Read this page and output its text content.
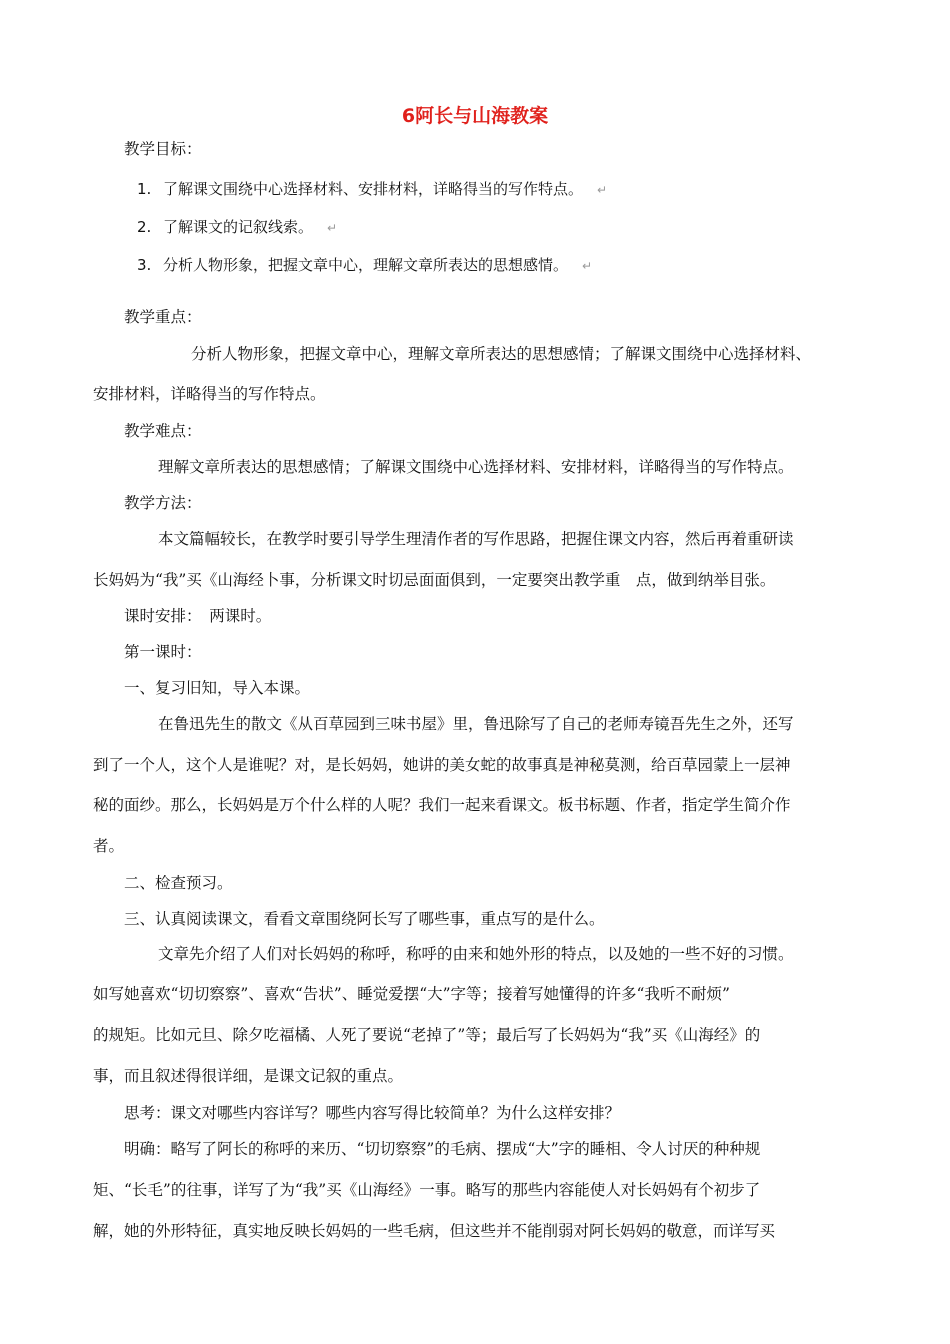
6阿长与山海教案
教学目标：
1. 了解课文围绕中心选择材料、安排材料，详略得当的写作特点。 ↵
2. 了解课文的记叙线索。 ↵
3. 分析人物形象，把握文章中心，理解文章所表达的思想感情。 ↵
教学重点：
分析人物形象，把握文章中心，理解文章所表达的思想感情；了解课文围绕中心选择材料、
安排材料，详略得当的写作特点。
教学难点：
理解文章所表达的思想感情；了解课文围绕中心选择材料、安排材料，详略得当的写作特点。
教学方法：
本文篇幅较长，在教学时要引导学生理清作者的写作思路，把握住课文内容，然后再着重研读
长妈妈为“我”买《山海经卜事，分析课文时切忌面面俱到，一定要突出教学重　点，做到纳举目张。
课时安排：　两课时。
第一课时：
一、复习旧知，导入本课。
在鲁迅先生的散文《从百草园到三味书屋》里，鲁迅除写了自己的老师寿镜吾先生之外，还写
到了一个人，这个人是谁呢？对，是长妈妈，她讲的美女蛇的故事真是神秘莫测，给百草园蒙上一层神
秘的面纱。那么，长妈妈是万个什么样的人呢？我们一起来看课文。板书标题、作者，指定学生简介作
者。
二、检查预习。
三、认真阅读课文，看看文章围绕阿长写了哪些事，重点写的是什么。
文章先介绍了人们对长妈妈的称呼，称呼的由来和她外形的特点，以及她的一些不好的习惯。
如写她喜欢“切切察察”、喜欢“告状”、睡觉爱摆“大”字等；接着写她懂得的许多“我听不耐烦”
的规矩。比如元旦、除夕吃福橘、人死了要说“老掉了”等；最后写了长妈妈为“我”买《山海经》的
事，而且叙述得很详细，是课文记叙的重点。
思考：课文对哪些内容详写？哪些内容写得比较简单？为什么这样安排？
明确：略写了阿长的称呼的来历、“切切察察”的毛病、摆成“大”字的睡相、令人讨厌的种种规
矩、“长毛”的往事，详写了为“我”买《山海经》一事。略写的那些内容能使人对长妈妈有个初步了
解，她的外形特征，真实地反映长妈妈的一些毛病，但这些并不能削弱对阿长妈妈的敬意，而详写买
